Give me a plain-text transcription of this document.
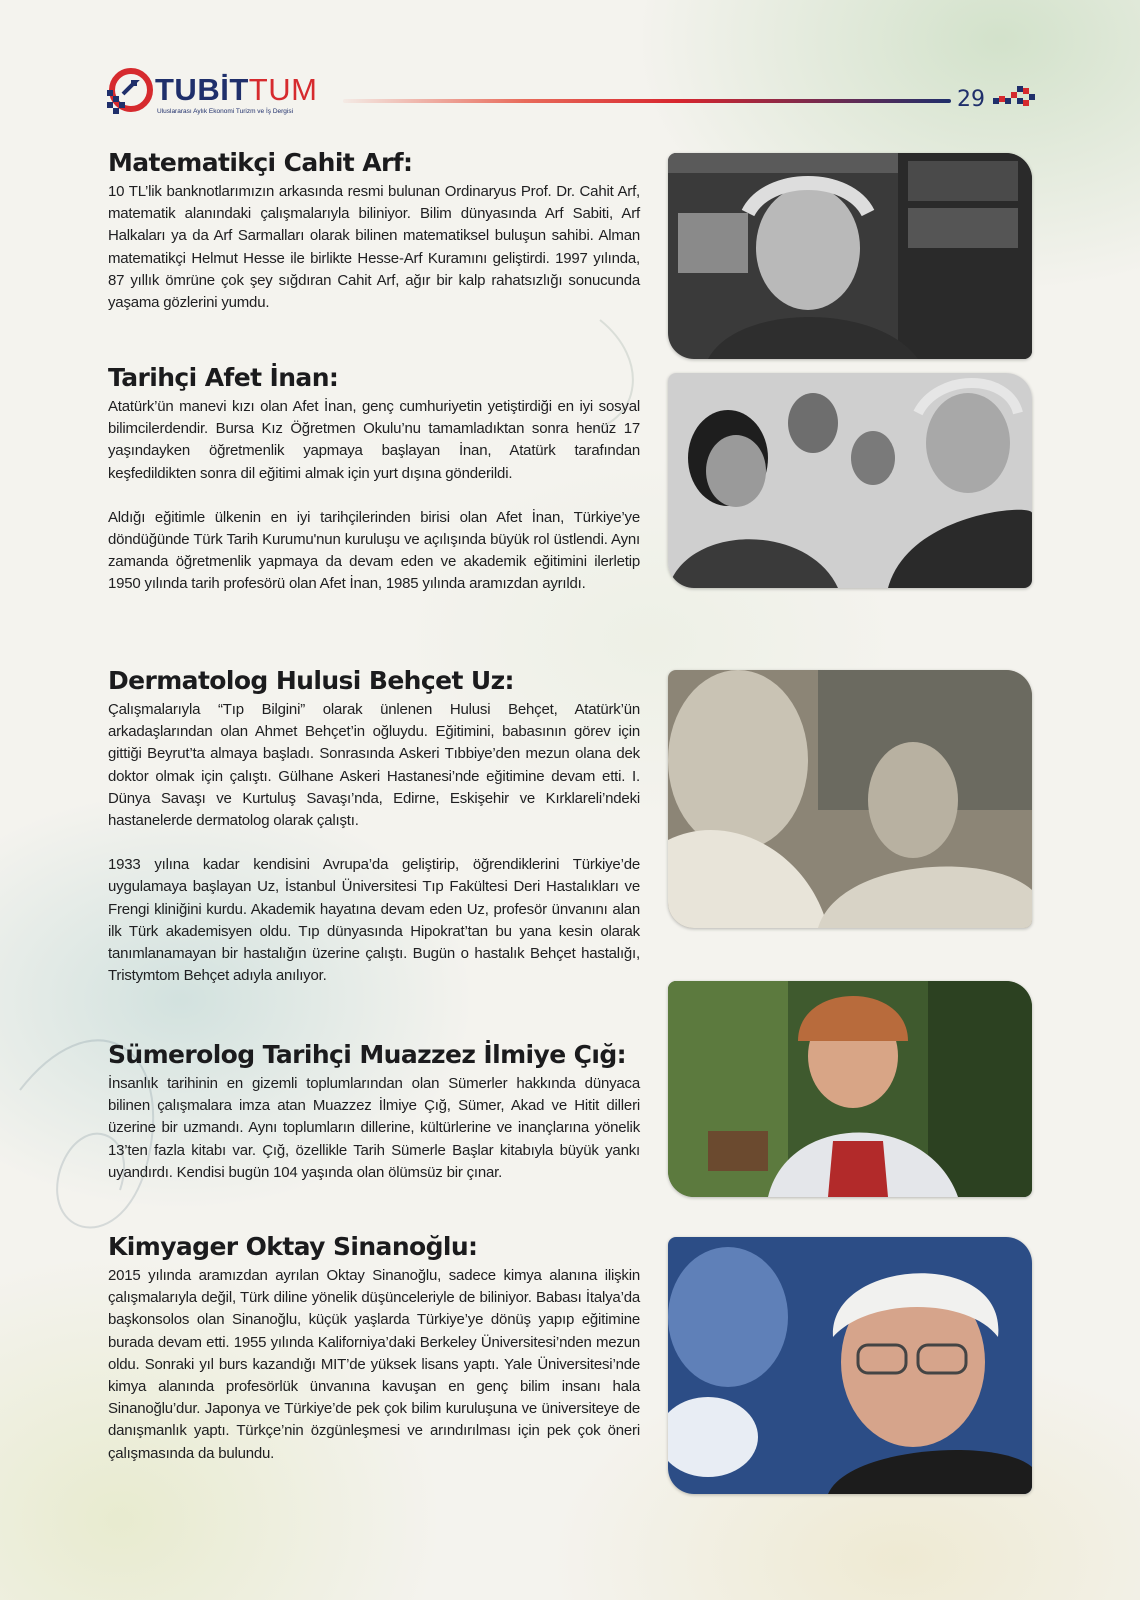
TUBİTTUM
Uluslararası Aylık Ekonomi Turizm ve İş Dergisi	29
Matematikçi Cahit Arf:

10 TL’lik banknotlarımızın arkasında resmi bulunan Ordinaryus Prof. Dr. Cahit Arf, matematik alanındaki çalışmalarıyla biliniyor. Bilim dünyasında Arf Sabiti, Arf Halkaları ya da Arf Sarmalları olarak bilinen matematiksel buluşun sahibi. Alman matematikçi Helmut Hesse ile birlikte Hesse-Arf Kuramını geliştirdi. 1997 yılında, 87 yıllık ömrüne çok şey sığdıran Cahit Arf, ağır bir kalp rahatsızlığı sonucunda yaşama gözlerini yumdu.

Tarihçi Afet İnan:

Atatürk’ün manevi kızı olan Afet İnan, genç cumhuriyetin yetiştirdiği en iyi sosyal bilimcilerdendir. Bursa Kız Öğretmen Okulu’nu tamamladıktan sonra henüz 17 yaşındayken öğretmenlik yapmaya başlayan İnan, Atatürk tarafından keşfedildikten sonra dil eğitimi almak için yurt dışına gönderildi.

Aldığı eğitimle ülkenin en iyi tarihçilerinden birisi olan Afet İnan, Türkiye’ye döndüğünde Türk Tarih Kurumu'nun kuruluşu ve açılışında büyük rol üstlendi. Aynı zamanda öğretmenlik yapmaya da devam eden ve akademik eğitimini ilerletip 1950 yılında tarih profesörü olan Afet İnan, 1985 yılında aramızdan ayrıldı.

Dermatolog Hulusi Behçet Uz:

Çalışmalarıyla “Tıp Bilgini” olarak ünlenen Hulusi Behçet, Atatürk’ün arkadaşlarından olan Ahmet Behçet’in oğluydu. Eğitimini, babasının görev için gittiği Beyrut’ta almaya başladı. Sonrasında Askeri Tıbbiye’den mezun olana dek doktor olmak için çalıştı. Gülhane Askeri Hastanesi’nde eğitimine devam etti. I. Dünya Savaşı ve Kurtuluş Savaşı’nda, Edirne, Eskişehir ve Kırklareli’ndeki hastanelerde dermatolog olarak çalıştı.

1933 yılına kadar kendisini Avrupa’da geliştirip, öğrendiklerini Türkiye’de uygulamaya başlayan Uz, İstanbul Üniversitesi Tıp Fakültesi Deri Hastalıkları ve Frengi kliniğini kurdu. Akademik hayatına devam eden Uz, profesör ünvanını alan ilk Türk akademisyen oldu. Tıp dünyasında Hipokrat’tan bu yana kesin olarak tanımlanamayan bir hastalığın üzerine çalıştı. Bugün o hastalık Behçet hastalığı, Tristymtom Behçet adıyla anılıyor.

Sümerolog Tarihçi Muazzez İlmiye Çığ:

İnsanlık tarihinin en gizemli toplumlarından olan Sümerler hakkında dünyaca bilinen çalışmalara imza atan Muazzez İlmiye Çığ, Sümer, Akad ve Hitit dilleri üzerine bir uzmandı. Aynı toplumların dillerine, kültürlerine ve inançlarına yönelik 13’ten fazla kitabı var. Çığ, özellikle Tarih Sümerle Başlar kitabıyla büyük yankı uyandırdı. Kendisi bugün 104 yaşında olan ölümsüz bir çınar.

Kimyager Oktay Sinanoğlu:

2015 yılında aramızdan ayrılan Oktay Sinanoğlu, sadece kimya alanına ilişkin çalışmalarıyla değil, Türk diline yönelik düşünceleriyle de biliniyor. Babası İtalya’da başkonsolos olan Sinanoğlu, küçük yaşlarda Türkiye’ye dönüş yapıp eğitimine burada devam etti. 1955 yılında Kaliforniya’daki Berkeley Üniversitesi’nden mezun oldu. Sonraki yıl burs kazandığı MIT’de yüksek lisans yaptı. Yale Üniversitesi’nde kimya alanında profesörlük ünvanına kavuşan en genç bilim insanı hala Sinanoğlu’dur. Japonya ve Türkiye’de pek çok bilim kuruluşuna ve üniversiteye de danışmanlık yaptı. Türkçe’nin özgünleşmesi ve arındırılması için pek çok öneri çalışmasında da bulundu.
